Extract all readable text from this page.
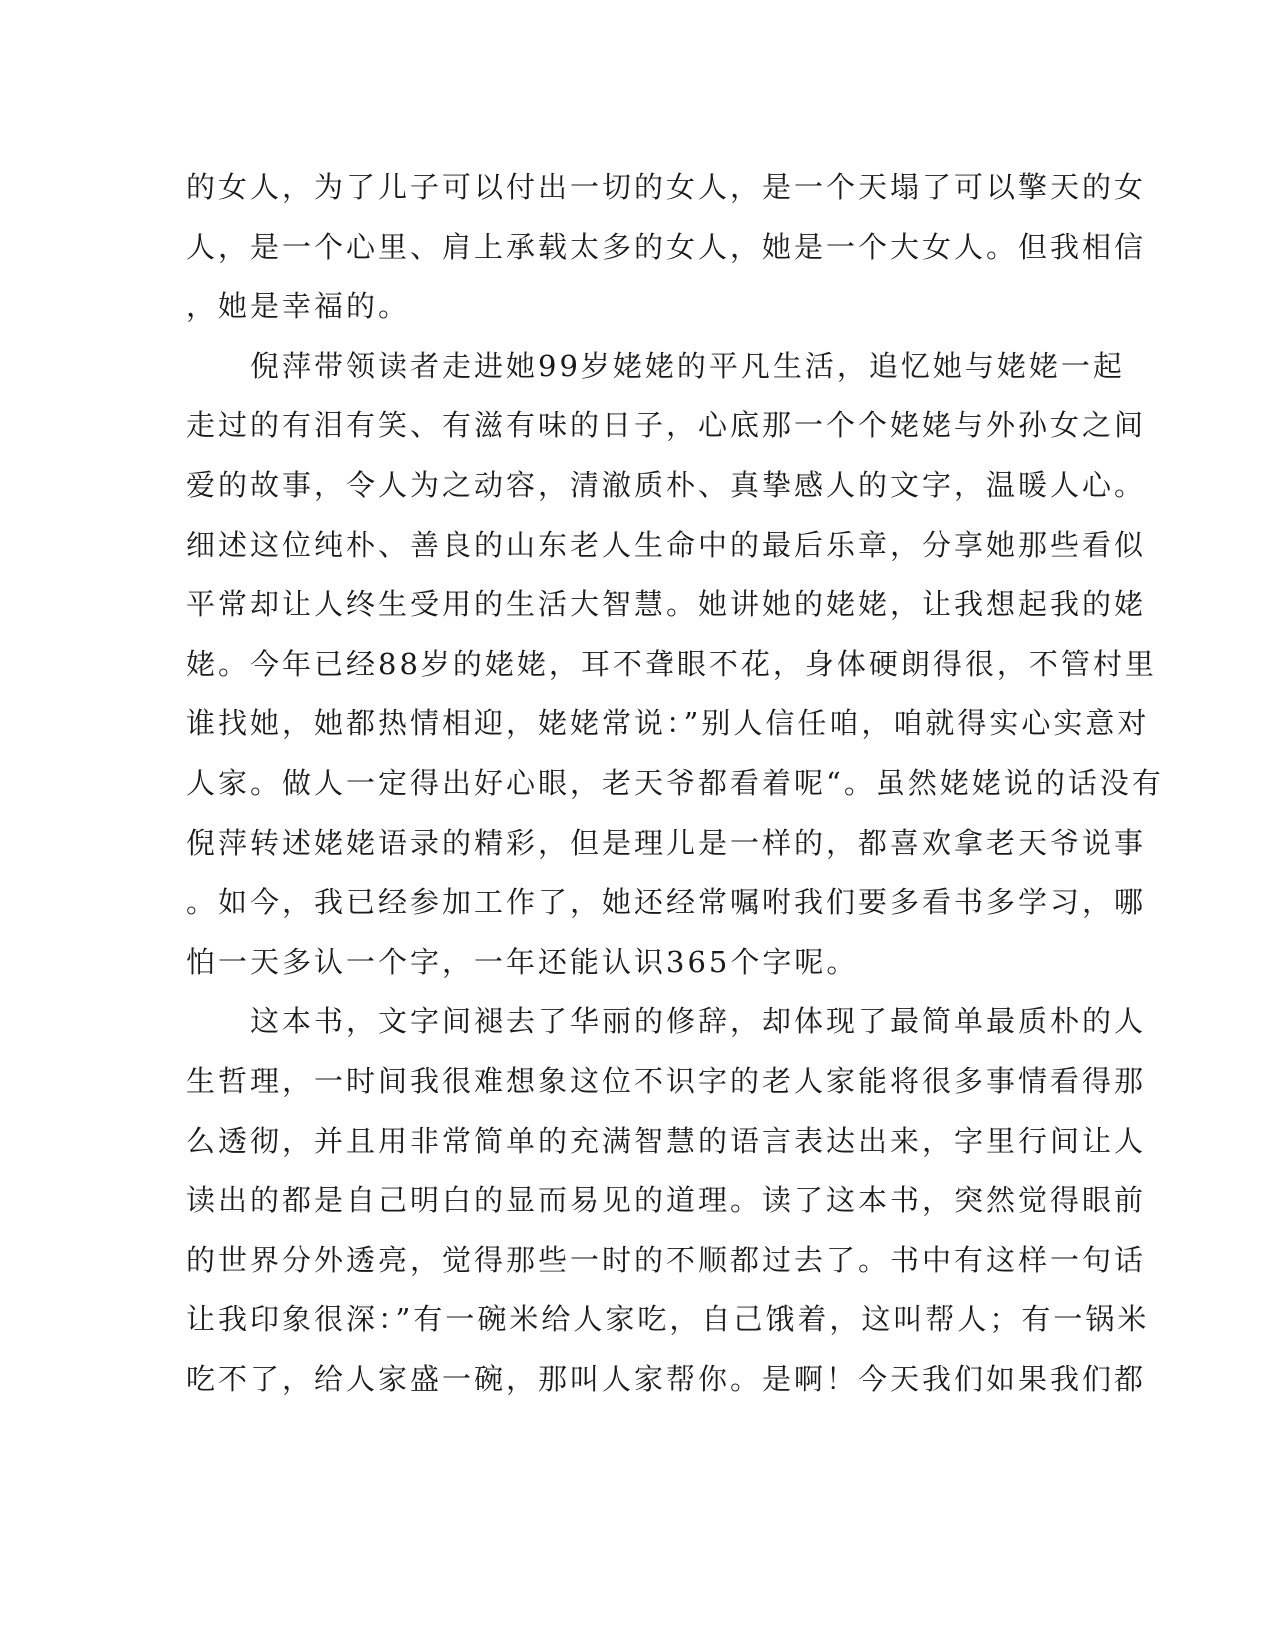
的女人，为了儿子可以付出一切的女人，是一个天塌了可以擎天的女
人，是一个心里、肩上承载太多的女人，她是一个大女人。但我相信
，她是幸福的。
　　倪萍带领读者走进她99岁姥姥的平凡生活，追忆她与姥姥一起
走过的有泪有笑、有滋有味的日子，心底那一个个姥姥与外孙女之间
爱的故事，令人为之动容，清澈质朴、真挚感人的文字，温暖人心。
细述这位纯朴、善良的山东老人生命中的最后乐章，分享她那些看似
平常却让人终生受用的生活大智慧。她讲她的姥姥，让我想起我的姥
姥。今年已经88岁的姥姥，耳不聋眼不花，身体硬朗得很，不管村里
谁找她，她都热情相迎，姥姥常说：”别人信任咱，咱就得实心实意对
人家。做人一定得出好心眼，老天爷都看着呢“。虽然姥姥说的话没有
倪萍转述姥姥语录的精彩，但是理儿是一样的，都喜欢拿老天爷说事
。如今，我已经参加工作了，她还经常嘱咐我们要多看书多学习，哪
怕一天多认一个字，一年还能认识365个字呢。
　　这本书，文字间褪去了华丽的修辞，却体现了最简单最质朴的人
生哲理，一时间我很难想象这位不识字的老人家能将很多事情看得那
么透彻，并且用非常简单的充满智慧的语言表达出来，字里行间让人
读出的都是自己明白的显而易见的道理。读了这本书，突然觉得眼前
的世界分外透亮，觉得那些一时的不顺都过去了。书中有这样一句话
让我印象很深：”有一碗米给人家吃，自己饿着，这叫帮人；有一锅米
吃不了，给人家盛一碗，那叫人家帮你。是啊！今天我们如果我们都
